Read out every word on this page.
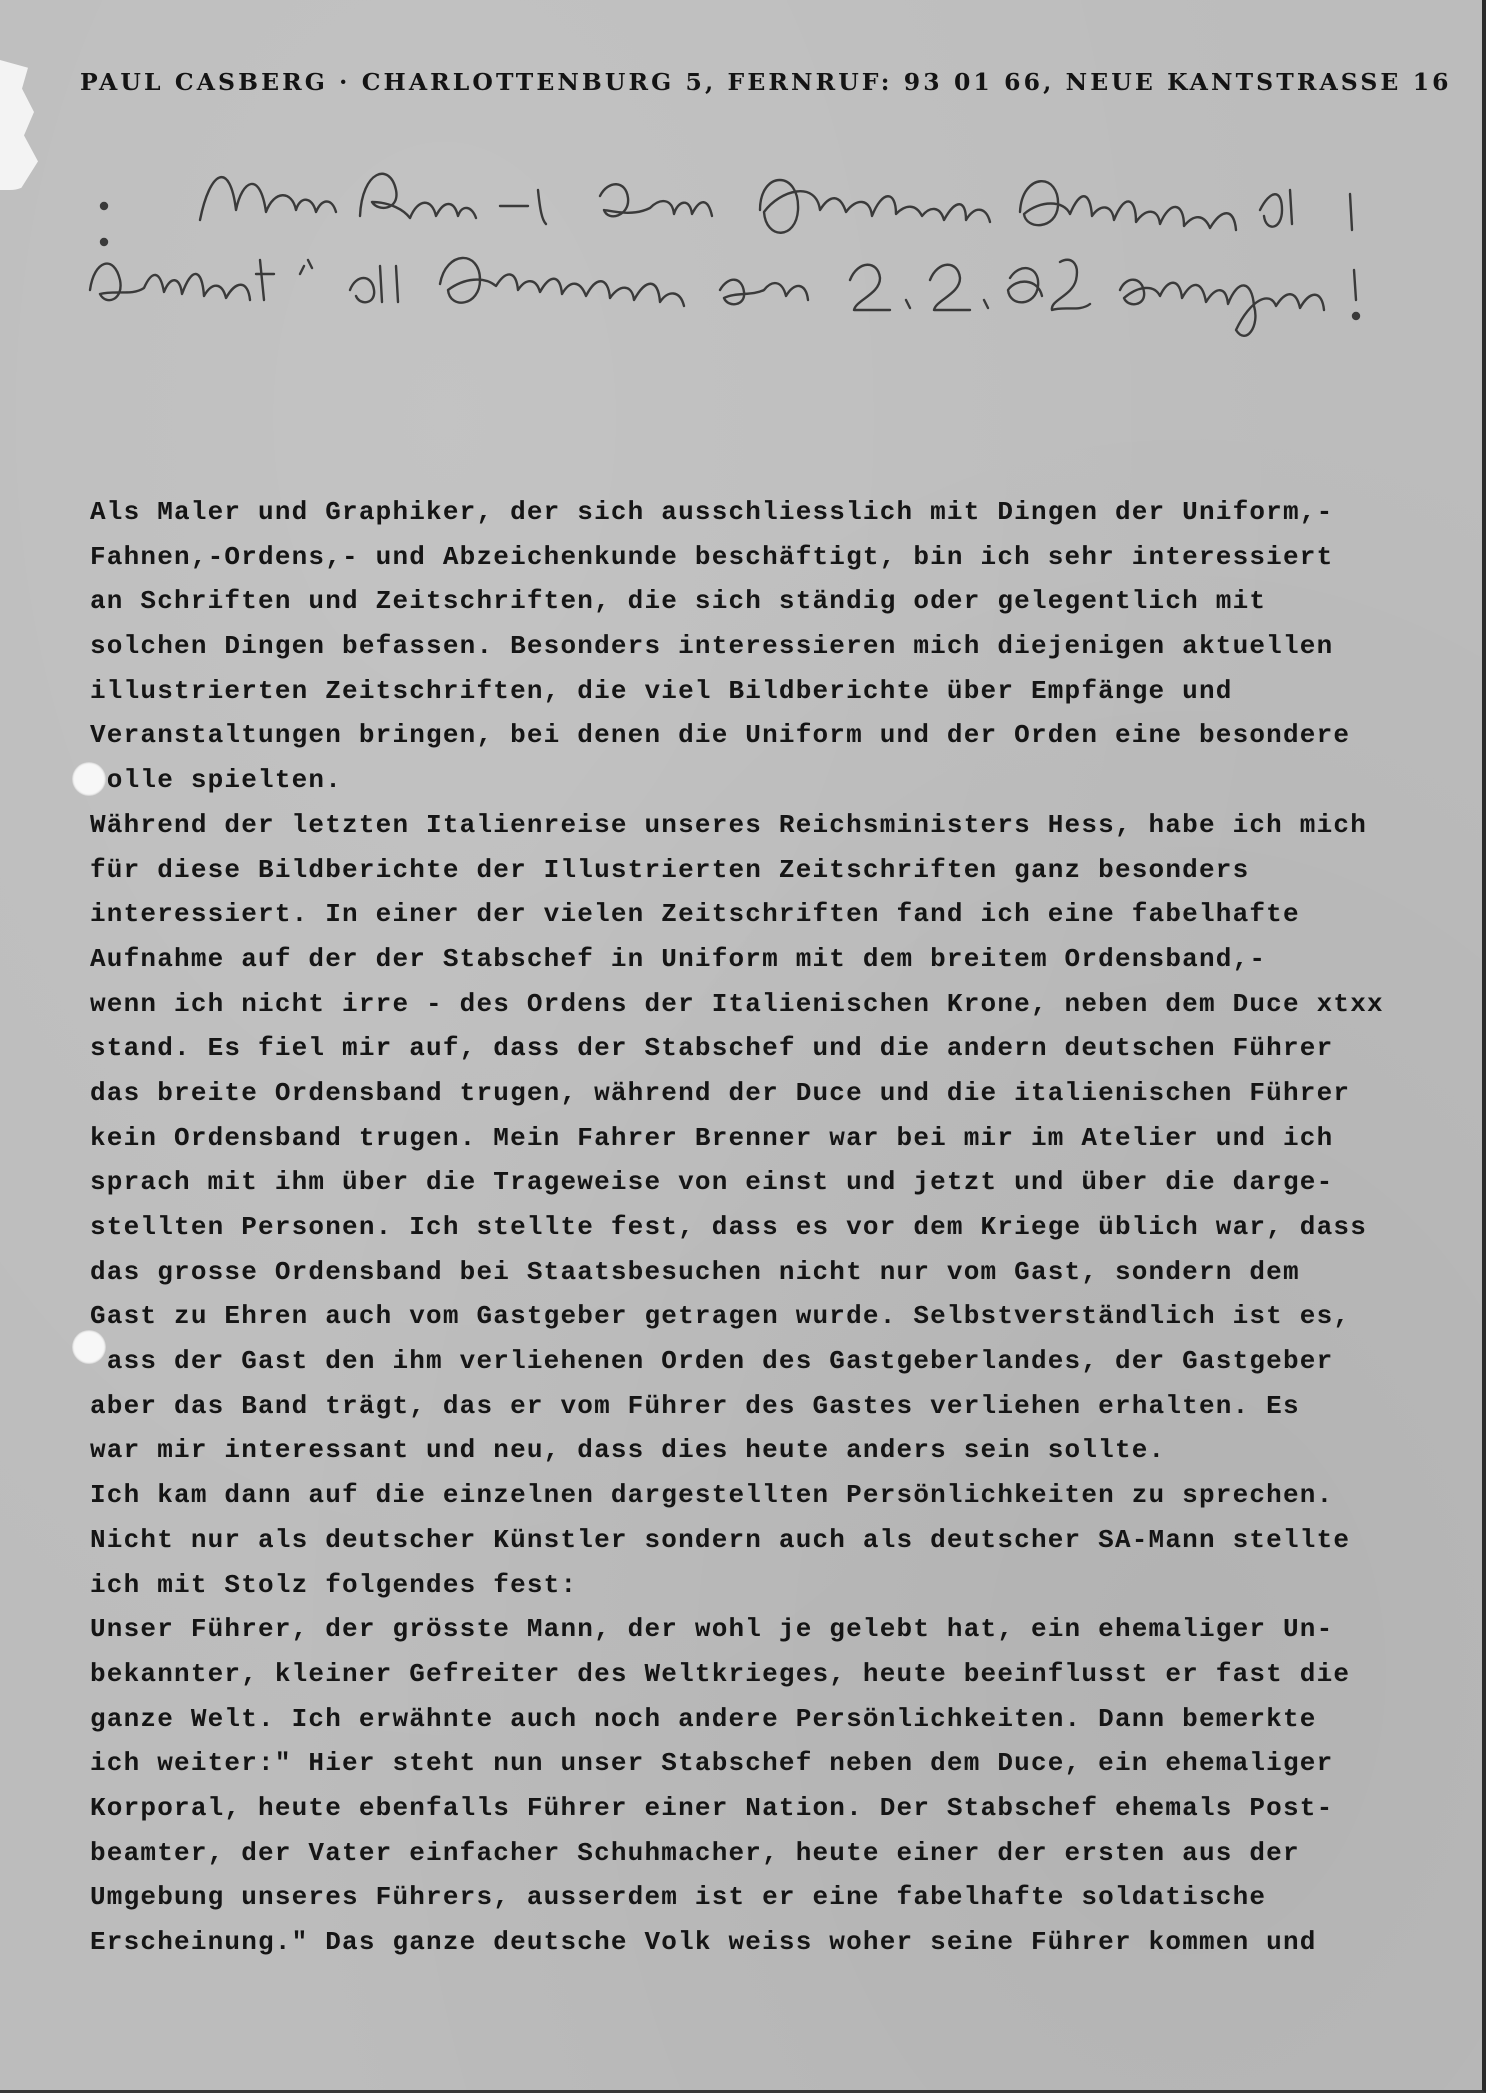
PAUL CASBERG · CHARLOTTENBURG 5, FERNRUF: 93 01 66, NEUE KANTSTRASSE 16
Als Maler und Graphiker, der sich ausschliesslich mit Dingen der Uniform,-
Fahnen,-Ordens,- und Abzeichenkunde beschäftigt, bin ich sehr interessiert
an Schriften und Zeitschriften, die sich ständig oder gelegentlich mit
solchen Dingen befassen. Besonders interessieren mich diejenigen aktuellen
illustrierten Zeitschriften, die viel Bildberichte über Empfänge und
Veranstaltungen bringen, bei denen die Uniform und der Orden eine besondere
olle spielten.
Während der letzten Italienreise unseres Reichsministers Hess, habe ich mich
für diese Bildberichte der Illustrierten Zeitschriften ganz besonders
interessiert. In einer der vielen Zeitschriften fand ich eine fabelhafte
Aufnahme auf der der Stabschef in Uniform mit dem breitem Ordensband,-
wenn ich nicht irre - des Ordens der Italienischen Krone, neben dem Duce xtxx
stand. Es fiel mir auf, dass der Stabschef und die andern deutschen Führer
das breite Ordensband trugen, während der Duce und die italienischen Führer
kein Ordensband trugen. Mein Fahrer Brenner war bei mir im Atelier und ich
sprach mit ihm über die Trageweise von einst und jetzt und über die darge-
stellten Personen. Ich stellte fest, dass es vor dem Kriege üblich war, dass
das grosse Ordensband bei Staatsbesuchen nicht nur vom Gast, sondern dem
Gast zu Ehren auch vom Gastgeber getragen wurde. Selbstverständlich ist es,
ass der Gast den ihm verliehenen Orden des Gastgeberlandes, der Gastgeber
aber das Band trägt, das er vom Führer des Gastes verliehen erhalten. Es
war mir interessant und neu, dass dies heute anders sein sollte.
Ich kam dann auf die einzelnen dargestellten Persönlichkeiten zu sprechen.
Nicht nur als deutscher Künstler sondern auch als deutscher SA-Mann stellte
ich mit Stolz folgendes fest:
Unser Führer, der grösste Mann, der wohl je gelebt hat, ein ehemaliger Un-
bekannter, kleiner Gefreiter des Weltkrieges, heute beeinflusst er fast die
ganze Welt. Ich erwähnte auch noch andere Persönlichkeiten. Dann bemerkte
ich weiter:" Hier steht nun unser Stabschef neben dem Duce, ein ehemaliger
Korporal, heute ebenfalls Führer einer Nation. Der Stabschef ehemals Post-
beamter, der Vater einfacher Schuhmacher, heute einer der ersten aus der
Umgebung unseres Führers, ausserdem ist er eine fabelhafte soldatische
Erscheinung." Das ganze deutsche Volk weiss woher seine Führer kommen und
